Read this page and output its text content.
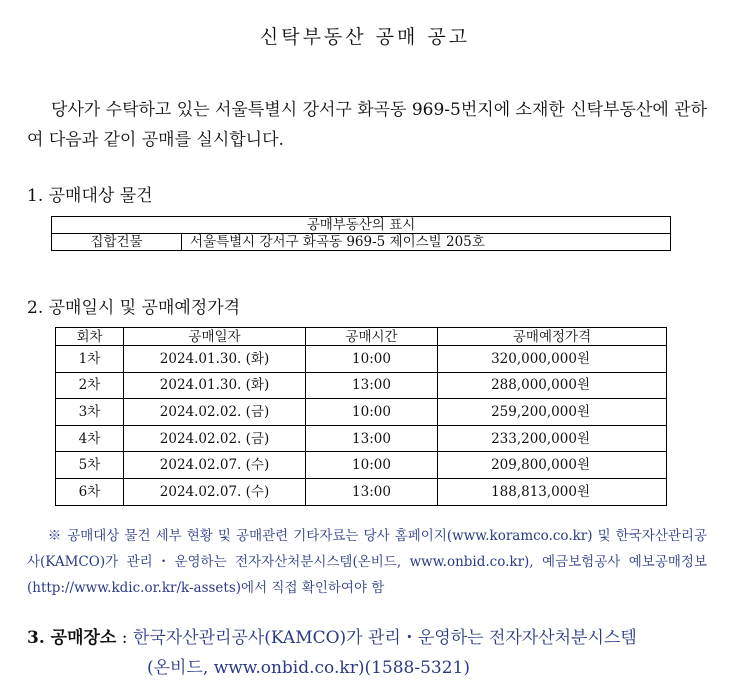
신탁부동산 공매 공고

당사가 수탁하고 있는 서울특별시 강서구 화곡동 969-5번지에 소재한 신탁부동산에 관하여 다음과 같이 공매를 실시합니다.

1. 공매대상 물건
공매부동산의 표시
집합건물	서울특별시 강서구 화곡동 969-5 제이스빌 205호
2. 공매일시 및 공매예정가격
회차	공매일자	공매시간	공매예정가격
1차	2024.01.30. (화)	10:00	320,000,000원
2차	2024.01.30. (화)	13:00	288,000,000원
3차	2024.02.02. (금)	10:00	259,200,000원
4차	2024.02.02. (금)	13:00	233,200,000원
5차	2024.02.07. (수)	10:00	209,800,000원
6차	2024.02.07. (수)	13:00	188,813,000원

※ 공매대상 물건 세부 현황 및 공매관련 기타자료는 당사 홈페이지(www.koramco.co.kr) 및 한국자산관리공사(KAMCO)가 관리・운영하는 전자자산처분시스템(온비드, www.onbid.co.kr), 예금보험공사 예보공매정보(http://www.kdic.or.kr/k-assets)에서 직접 확인하여야 함

3. 공매장소 : 한국자산관리공사(KAMCO)가 관리・운영하는 전자자산처분시스템
(온비드, www.onbid.co.kr)(1588-5321)
